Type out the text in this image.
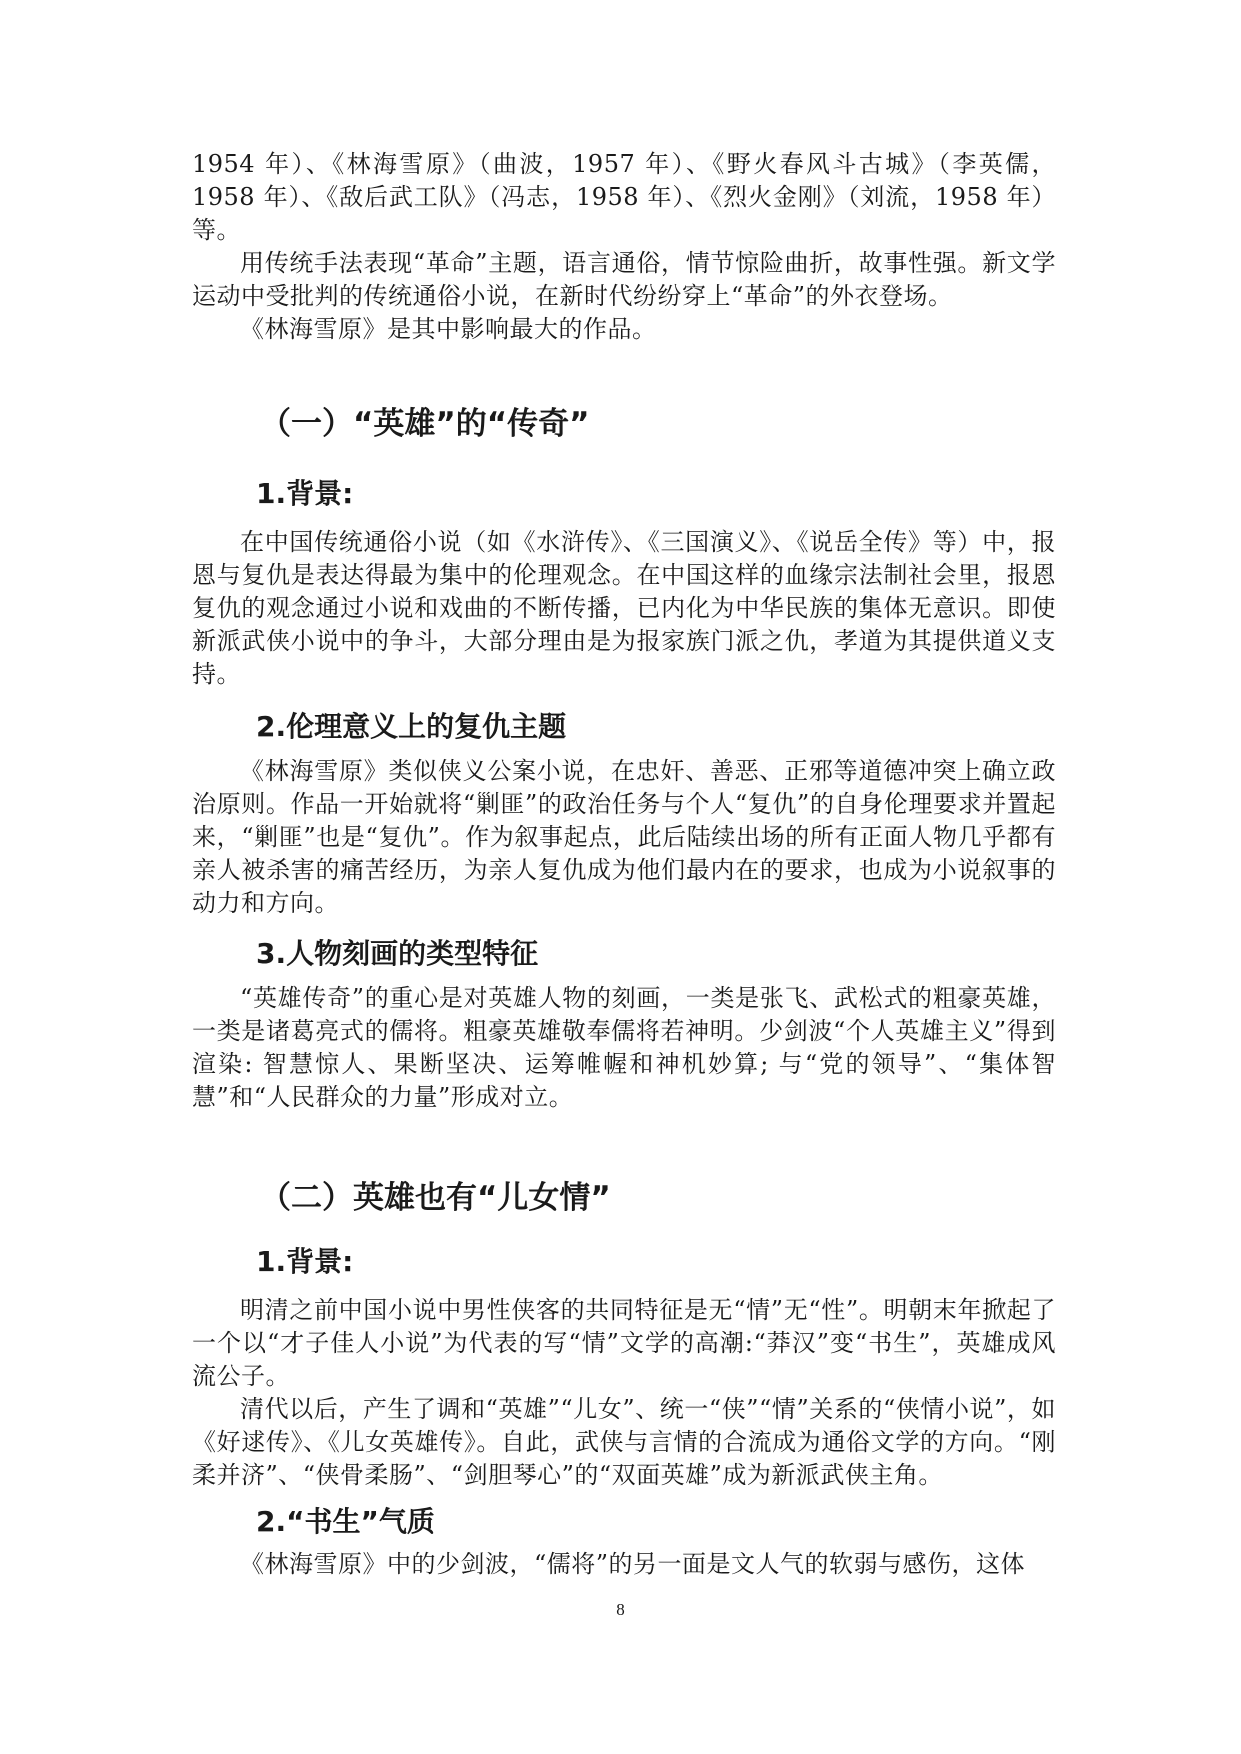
1954 年）、《林海雪原》（曲波，1957 年）、《野火春风斗古城》（李英儒，1958 年）、《敌后武工队》（冯志，1958 年）、《烈火金刚》（刘流，1958 年）等。

用传统手法表现“革命”主题，语言通俗，情节惊险曲折，故事性强。新文学运动中受批判的传统通俗小说，在新时代纷纷穿上“革命”的外衣登场。

《林海雪原》是其中影响最大的作品。

（一）“英雄”的“传奇”
1.背景:

在中国传统通俗小说（如《水浒传》、《三国演义》、《说岳全传》等）中，报恩与复仇是表达得最为集中的伦理观念。在中国这样的血缘宗法制社会里，报恩复仇的观念通过小说和戏曲的不断传播，已内化为中华民族的集体无意识。即使新派武侠小说中的争斗，大部分理由是为报家族门派之仇，孝道为其提供道义支持。

2.伦理意义上的复仇主题

《林海雪原》类似侠义公案小说，在忠奸、善恶、正邪等道德冲突上确立政治原则。作品一开始就将“剿匪”的政治任务与个人“复仇”的自身伦理要求并置起来，“剿匪”也是“复仇”。作为叙事起点，此后陆续出场的所有正面人物几乎都有亲人被杀害的痛苦经历，为亲人复仇成为他们最内在的要求，也成为小说叙事的动力和方向。

3.人物刻画的类型特征

“英雄传奇”的重心是对英雄人物的刻画，一类是张飞、武松式的粗豪英雄，一类是诸葛亮式的儒将。粗豪英雄敬奉儒将若神明。少剑波“个人英雄主义”得到渲染: 智慧惊人、果断坚决、运筹帷幄和神机妙算; 与“党的领导”、“集体智慧”和“人民群众的力量”形成对立。

（二）英雄也有“儿女情”
1.背景:

明清之前中国小说中男性侠客的共同特征是无“情”无“性”。明朝末年掀起了一个以“才子佳人小说”为代表的写“情”文学的高潮:“莽汉”变“书生”，英雄成风流公子。

清代以后，产生了调和“英雄”“儿女”、统一“侠”“情”关系的“侠情小说”，如《好逑传》、《儿女英雄传》。自此，武侠与言情的合流成为通俗文学的方向。“刚柔并济”、“侠骨柔肠”、“剑胆琴心”的“双面英雄”成为新派武侠主角。

2.“书生”气质

《林海雪原》中的少剑波，“儒将”的另一面是文人气的软弱与感伤，这体

8
